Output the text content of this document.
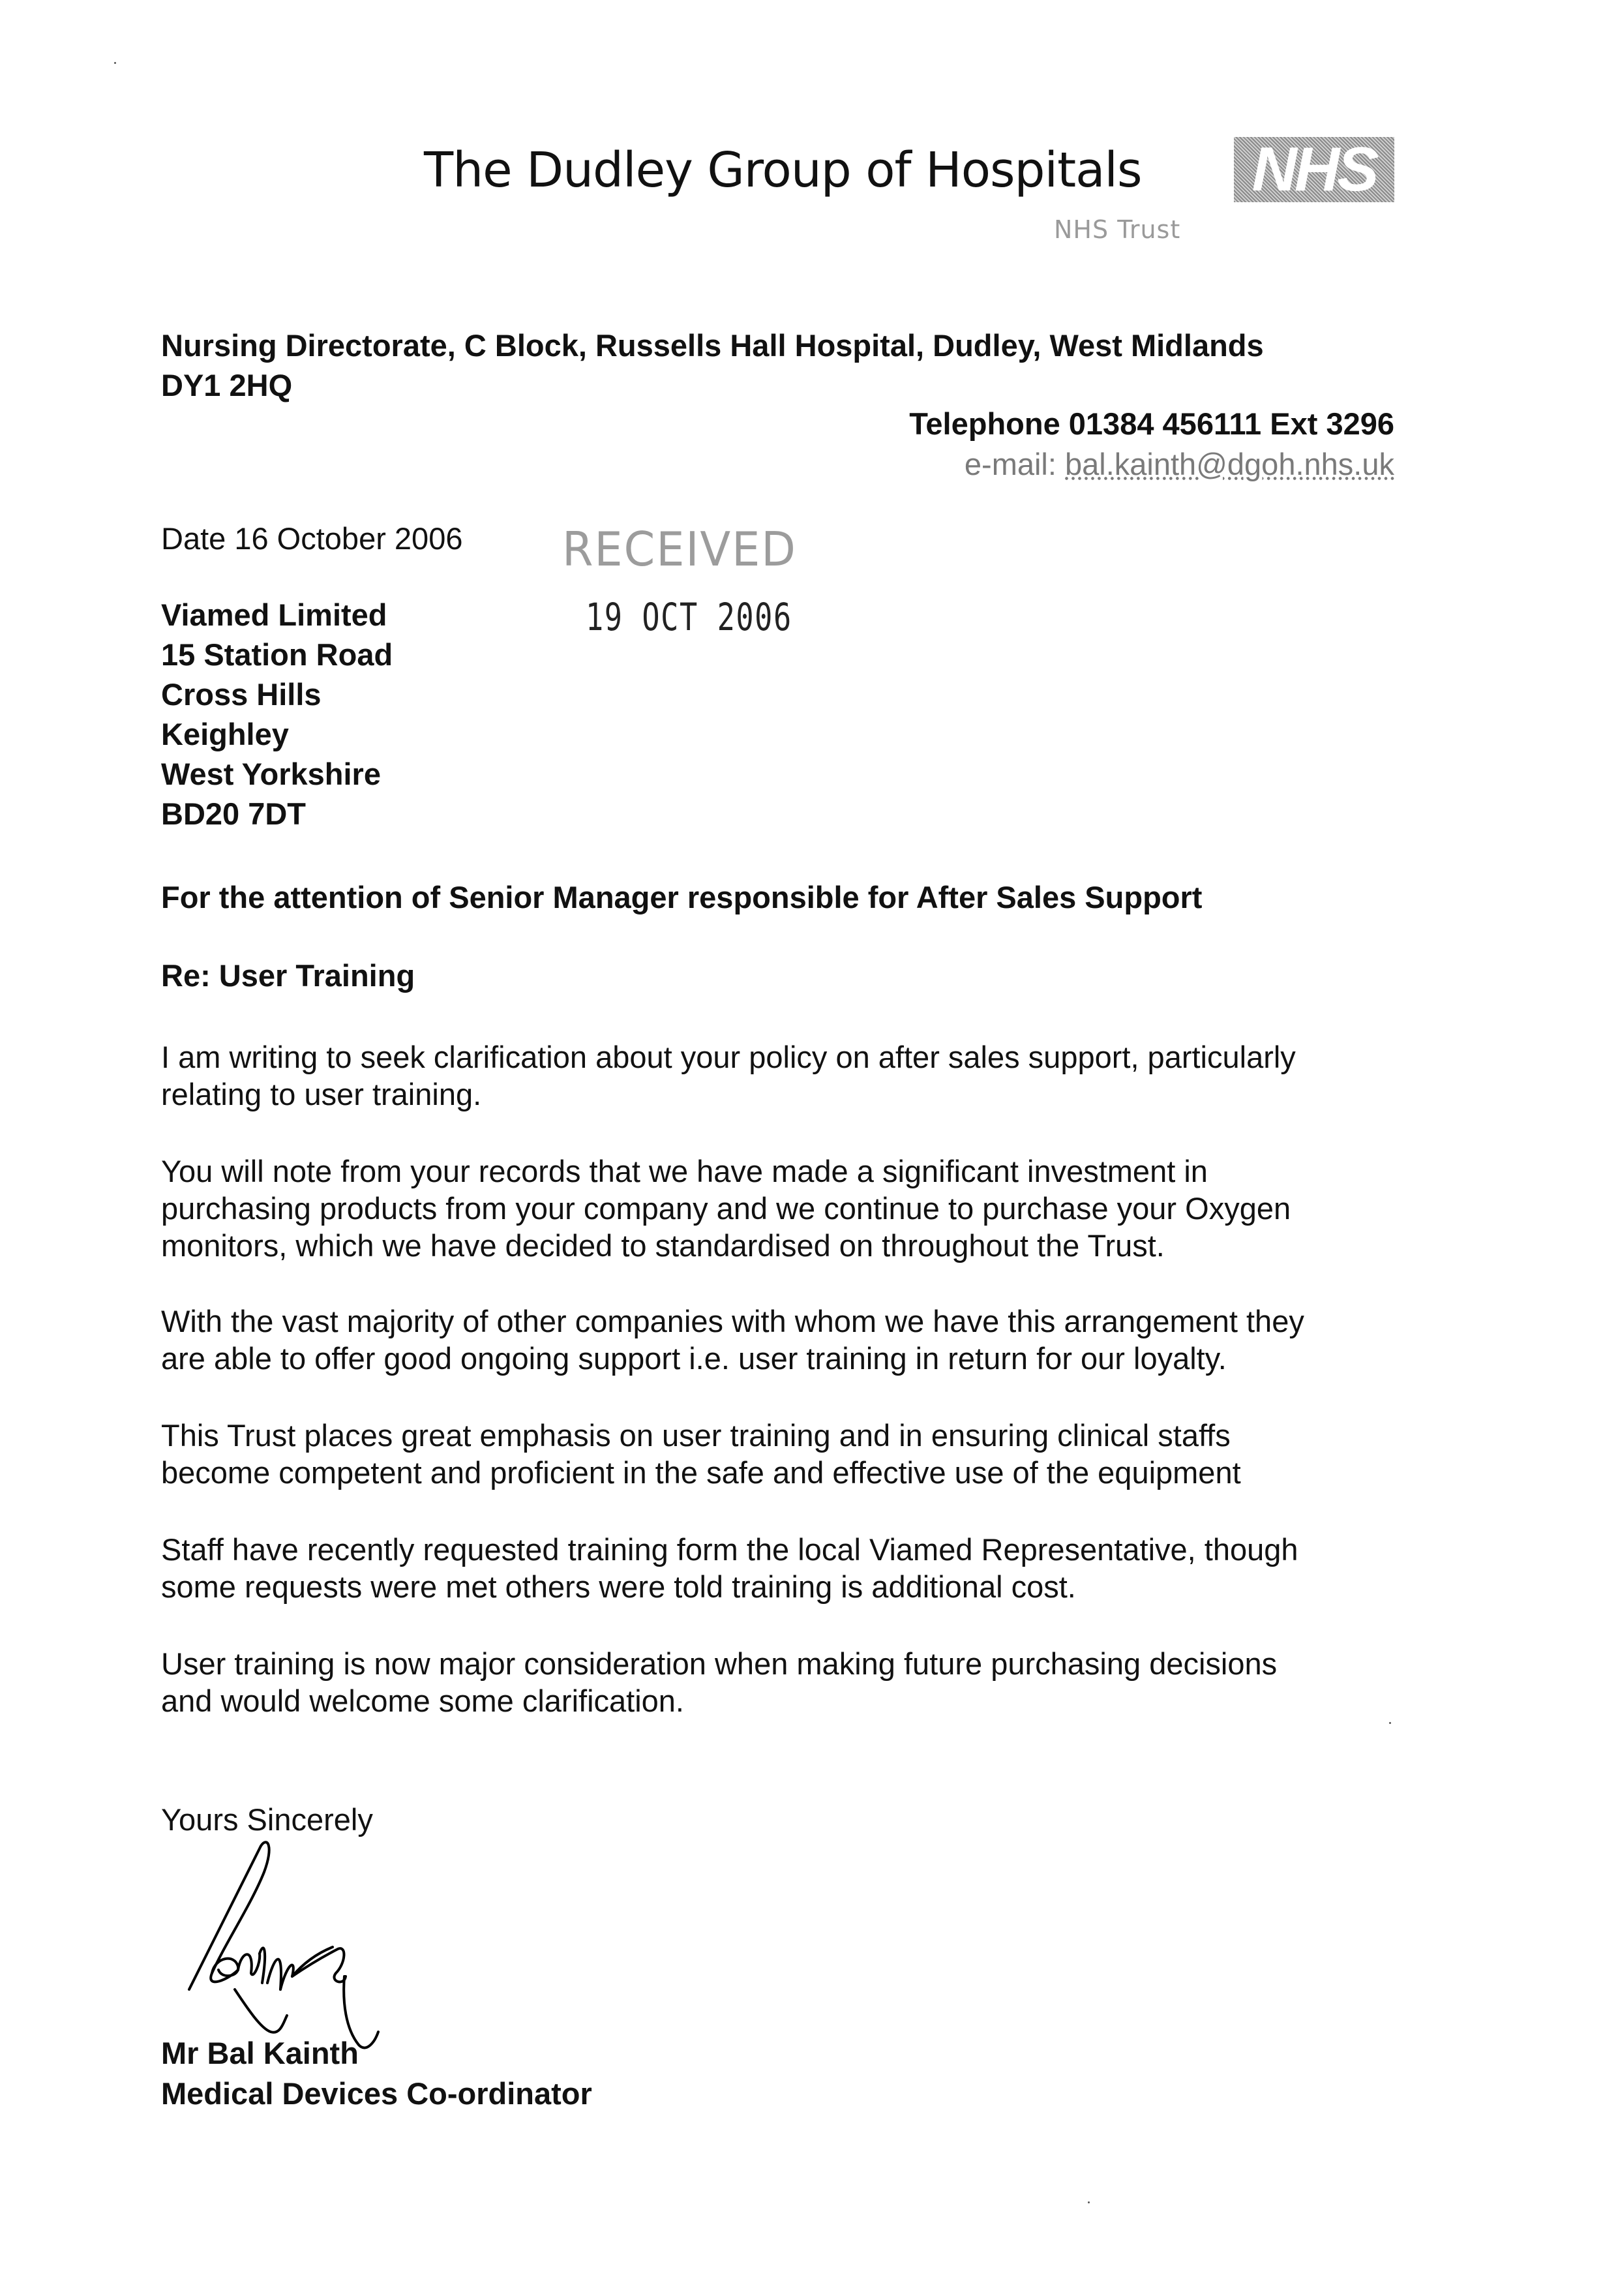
The Dudley Group of Hospitals NHS
NHS Trust
Nursing Directorate, C Block, Russells Hall Hospital, Dudley, West Midlands
DY1 2HQ
Telephone 01384 456111 Ext 3296
e-mail: bal.kainth@dgoh.nhs.uk
Date 16 October 2006 RECEIVED
19 OCT 2006
Viamed Limited
15 Station Road
Cross Hills
Keighley
West Yorkshire
BD20 7DT
For the attention of Senior Manager responsible for After Sales Support
Re: User Training
I am writing to seek clarification about your policy on after sales support, particularly
relating to user training.
You will note from your records that we have made a significant investment in
purchasing products from your company and we continue to purchase your Oxygen
monitors, which we have decided to standardised on throughout the Trust.
With the vast majority of other companies with whom we have this arrangement they
are able to offer good ongoing support i.e. user training in return for our loyalty.
This Trust places great emphasis on user training and in ensuring clinical staffs
become competent and proficient in the safe and effective use of the equipment
Staff have recently requested training form the local Viamed Representative, though
some requests were met others were told training is additional cost.
User training is now major consideration when making future purchasing decisions
and would welcome some clarification.
Yours Sincerely
Mr Bal Kainth
Medical Devices Co-ordinator
